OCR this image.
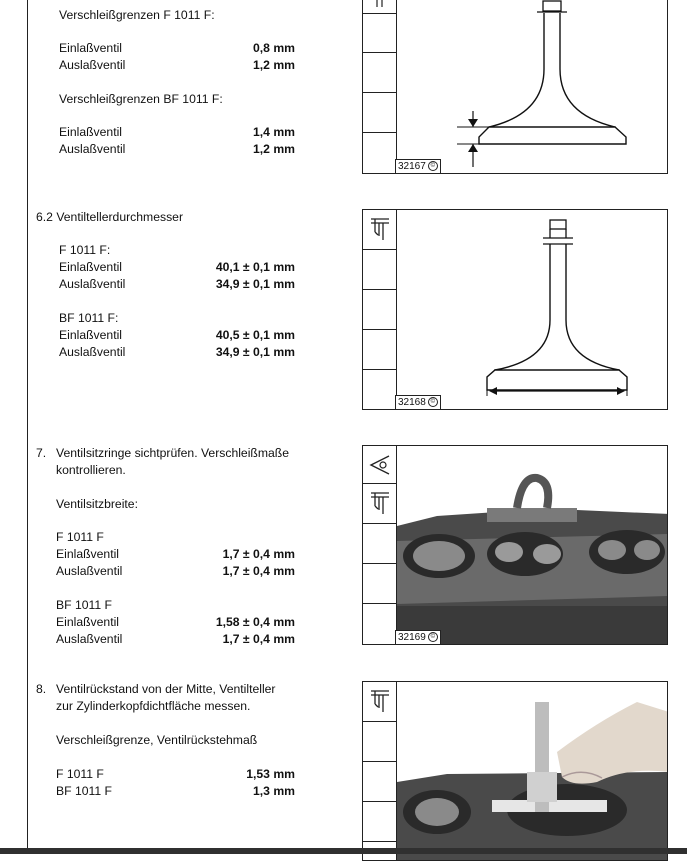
Verschleißgrenzen F 1011 F:
Einlaßventil	0,8 mm
Auslaßventil	1,2 mm
Verschleißgrenzen BF 1011 F:
Einlaßventil	1,4 mm
Auslaßventil	1,2 mm
32167 ©
6.2 Ventiltellerdurchmesser
F 1011 F:
Einlaßventil	40,1 ± 0,1 mm
Auslaßventil	34,9 ± 0,1 mm
BF 1011 F:
Einlaßventil	40,5 ± 0,1 mm
Auslaßventil	34,9 ± 0,1 mm
32168 ©
7. Ventilsitzringe sichtprüfen. Verschleißmaße
kontrollieren.
Ventilsitzbreite:
F 1011 F
Einlaßventil	1,7 ± 0,4 mm
Auslaßventil	1,7 ± 0,4 mm
BF 1011 F
Einlaßventil	1,58 ± 0,4 mm
Auslaßventil	1,7 ± 0,4 mm	32169 ©
8. Ventilrückstand von der Mitte, Ventilteller
zur Zylinderkopfdichtfläche messen.
Verschleißgrenze, Ventilrückstehmaß
F 1011 F	1,53 mm
BF 1011 F	1,3 mm
